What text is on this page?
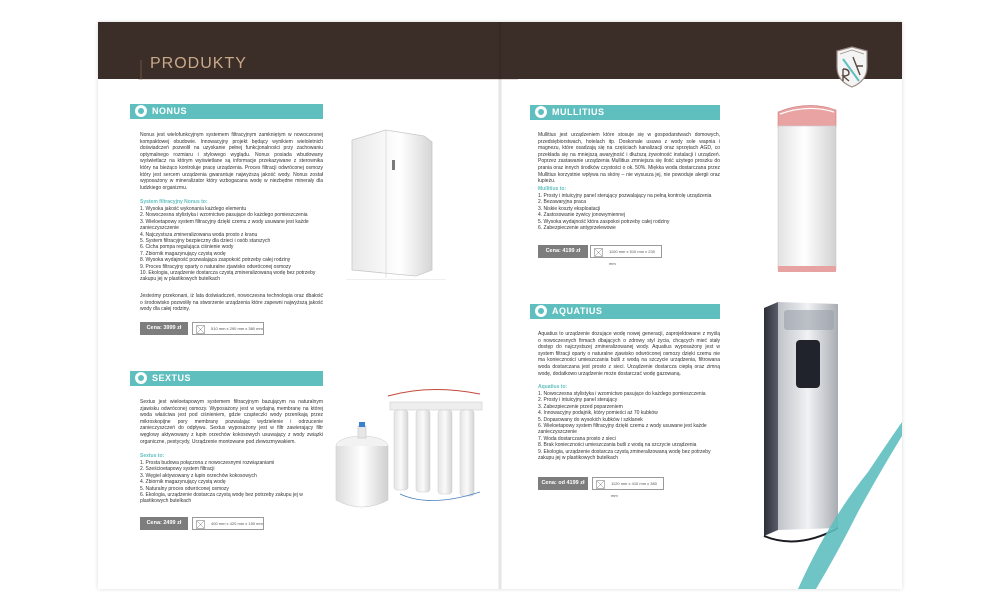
PRODUKTY
NONUS
Nonus jest wielofunkcyjnym systemem filtracyjnym zamkniętym w nowoczesnej kompaktowej obudowie. Innowacyjny projekt będący wynikiem wieloletnich doświadczeń pozwolił na uzyskanie pełnej funkcjonalności przy zachowaniu optymalnego rozmiaru i stylowego wyglądu. Nonus posiada wbudowany wyświetlacz na którym wyświetlane są informacje przekazywane z sterownika który na bieżąco kontroluje pracę urządzenia. Proces filtracji odwróconej osmozy który jest sercem urządzenia gwarantuje najwyższą jakość wody. Nonus został wyposażony w mineralizator który wzbogacana wodę w niezbędne minerały dla ludzkiego organizmu.
System filtracyjny Nonus to:
1. Wysoka jakość wykonania każdego elementu
2. Nowoczesna stylistyka i wzornictwo pasujące do każdego pomieszczenia
3. Wieloetapowy system filtracyjny dzięki czemu z wody usuwane jest każde zanieczyszczenie
4. Najczystsza zmineralizowana woda prosto z kranu
5. System filtracyjny bezpieczny dla dzieci i osób starszych
6. Cicha pompa regulująca ciśnienie wody
7. Zbiornik magazynujący czystą wodę
8. Wysoka wydajność pozwalająca zaspokoić potrzeby całej rodziny
9. Proces filtracyjny oparty o naturalne zjawisko odwróconej osmozy
10. Ekologia, urządzenie dostarcza czystą zmineralizowaną wodę bez potrzeby zakupu jej w plastikowych butelkach
Jesteśmy przekonani, iż lata doświadczeń, nowoczesna technologia oraz dbałość o środowisko pozwoliły na stworzenie urządzenia które zapewni najwyższą jakość wody dla całej rodziny.
Cena: 3999 zł	510 mm x 290 mm x 380 mm
SEXTUS
Sextus jest wieloetapowym systemem filtracyjnym bazującym na naturalnym zjawisku odwróconej osmozy. Wyposażony jest w wydajną membranę na której woda właściwa jest pod ciśnieniem, gdzie cząsteczki wody przenikają przez mikroskopijne pory membrany pozwalając wydzielenie i odrzucenie zanieczyszczeń do odpływu. Sextus wyposażony jest w filtr zawierający filtr węglowy aktywowany z łupin orzechów kokosowych usuwający z wody związki organiczne, pestycydy. Urządzenie montowane pod zlewozmywakiem.
Sextus to:
1. Prosta budowa połączona z nowoczesnymi rozwiązaniami
2. Sześcioetapowy system filtracji
3. Węgiel aktywowany z łupin orzechów kokosowych
4. Zbiornik magazynujący czystą wodę
5. Naturalny proces odwróconej osmozy
6. Ekologia, urządzenie dostarcza czystą wodę bez potrzeby zakupu jej w plastikowych butelkach
Cena: 2499 zł	400 mm x 420 mm x 150 mm
MULLITIUS
Mullitius jest urządzeniem które stosuje się w gospodarstwach domowych, przedsiębiorstwach, hotelach itp. Doskonale usuwa z wody sole wapnia i magnezu, które osadzają się na częściach kanalizacji oraz sprzętach AGD, co przekłada się na mniejszą awaryjność i dłuższą żywotność instalacji i urządzeń. Poprzez zastawanie urządzenia Mullitius zmniejsza się ilość użytego proszku do prania oraz innych środków czystości o ok. 50%. Miękka woda dostarczana przez Mullitius korzystnie wpływa na skórę – nie wysusza jej, nie powoduje alergii oraz łupieżu.
Mullitius to:
1. Prosty i intuicyjny panel sterujący pozwalający na pełną kontrolę urządzenia
2. Bezawaryjna praca
3. Niskie koszty eksploatacji
4. Zastosowanie żywicy jonowymiennej
5. Wysoka wydajność która zaspokoi potrzeby całej rodziny
6. Zabezpieczenie antyprzelewowe
Cena: 4199 zł	1100 mm x 510 mm x 230 mm
AQUATIUS
Aquatius to urządzenie dozujące wodę nowej generacji, zaprojektowane z myślą o nowoczesnych firmach dbających o zdrowy styl życia, chcących mieć stały dostęp do najczystszej zmineralizowanej wody. Aquatius wyposażony jest w system filtracji oparty o naturalne zjawisko odwróconej osmozy dzięki czemu nie ma konieczności umieszczania butli z wodą na szczycie urządzenia, filtrowana woda dostarczana jest prosto z sieci. Urządzenie dostarcza ciepłą oraz zimną wodę, dodatkowo urządzenie może dostarczać wodę gazowaną.
Aquatius to:
1. Nowoczesna stylistyka i wzornictwo pasujące do każdego pomieszczenia
2. Prosty i intuicyjny panel sterujący
3. Zabezpieczenie przed poparzeniem
4. Innowacyjny podajnik, który pomieści aż 70 kubków
5. Dopasowany do wysokich kubków i szklanek
6. Wieloetapowy system filtracyjny dzięki czemu z wody usuwane jest każde zanieczyszczenie
7. Woda dostarczana prosto z sieci
8. Brak konieczności umieszczania butli z wodą na szczycie urządzenia
9. Ekologia, urządzenie dostarcza czystą zmineralizowaną wodę bez potrzeby zakupu jej w plastikowych butelkach
Cena: od 4199 zł	1120 mm x 410 mm x 380 mm
